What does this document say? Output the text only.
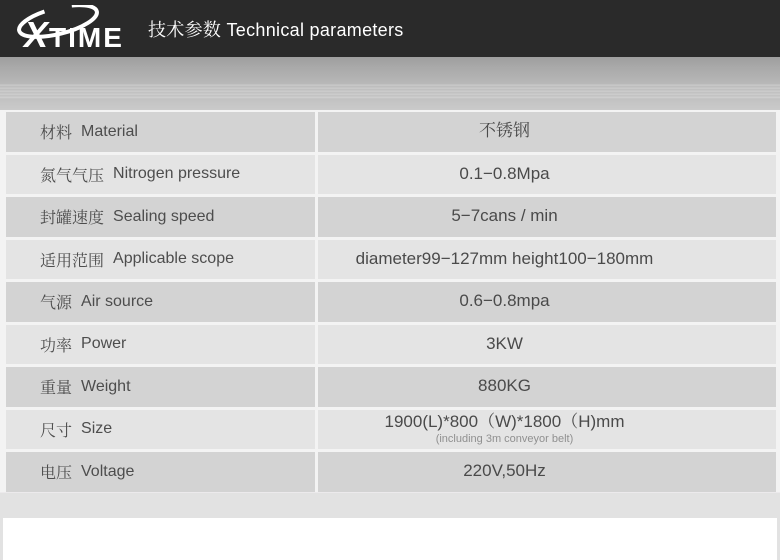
X TIME 技术参数 Technical parameters
材料 Material	不锈钢
氮气气压 Nitrogen pressure	0.1−0.8Mpa
封罐速度 Sealing speed	5−7cans / min
适用范围 Applicable scope	diameter99−127mm height100−180mm
气源 Air source	0.6−0.8mpa
功率 Power	3KW
重量 Weight	880KG
尺寸 Size	1900(L)*800（W)*1800（H)mm
(including 3m conveyor belt)
电压 Voltage	220V,50Hz
